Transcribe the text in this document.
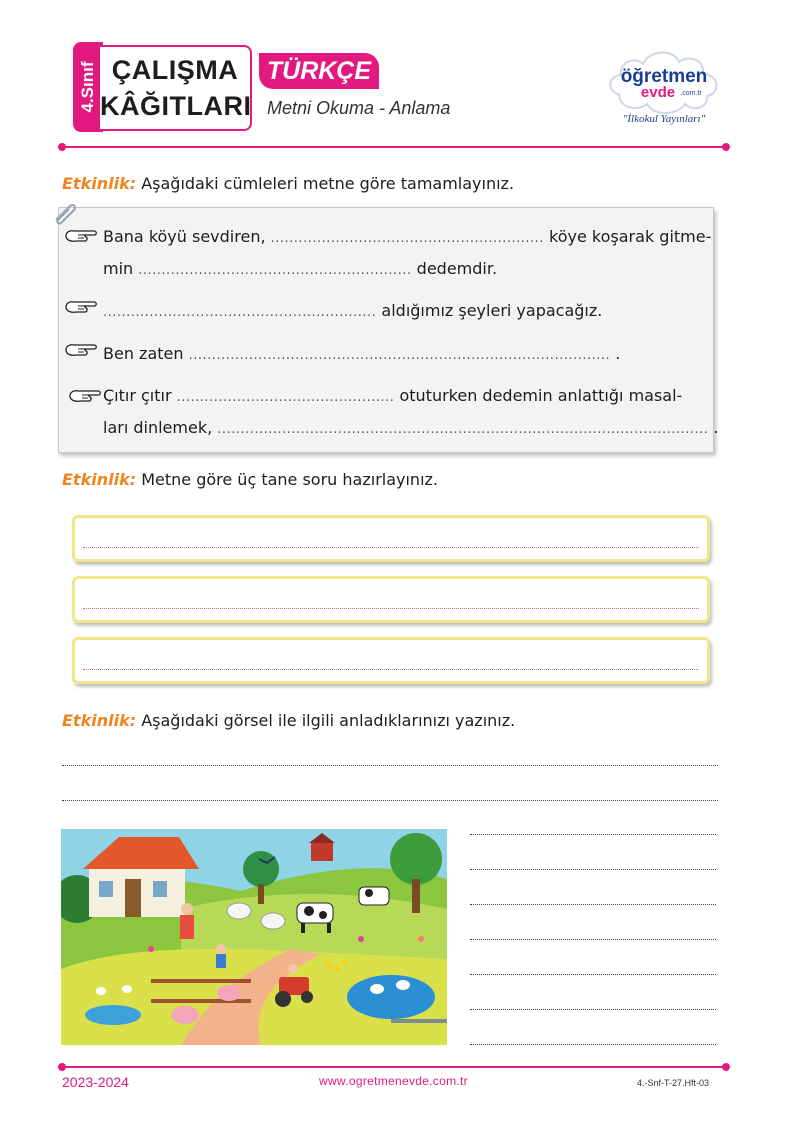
4.Sınıf ÇALIŞMA
KÂĞITLARI
TÜRKÇE
Metni Okuma - Anlama
öğretmen
evde .com.tr
"İlkokul Yayınları"
Etkinlik: Aşağıdaki cümleleri metne göre tamamlayınız.
Bana köyü sevdiren, ........................................................... köye koşarak gitme-
min ........................................................... dedemdir.
........................................................... aldığımız şeyleri yapacağız.
Ben zaten ........................................................................................... .
Çıtır çıtır ............................................... otuturken dedemin anlattığı masal-
ları dinlemek, .......................................................................................................... .
Etkinlik: Metne göre üç tane soru hazırlayınız.
Etkinlik: Aşağıdaki görsel ile ilgili anladıklarınızı yazınız.
2023-2024	www.ogretmenevde.com.tr	4.-Snf-T-27.Hft-03
